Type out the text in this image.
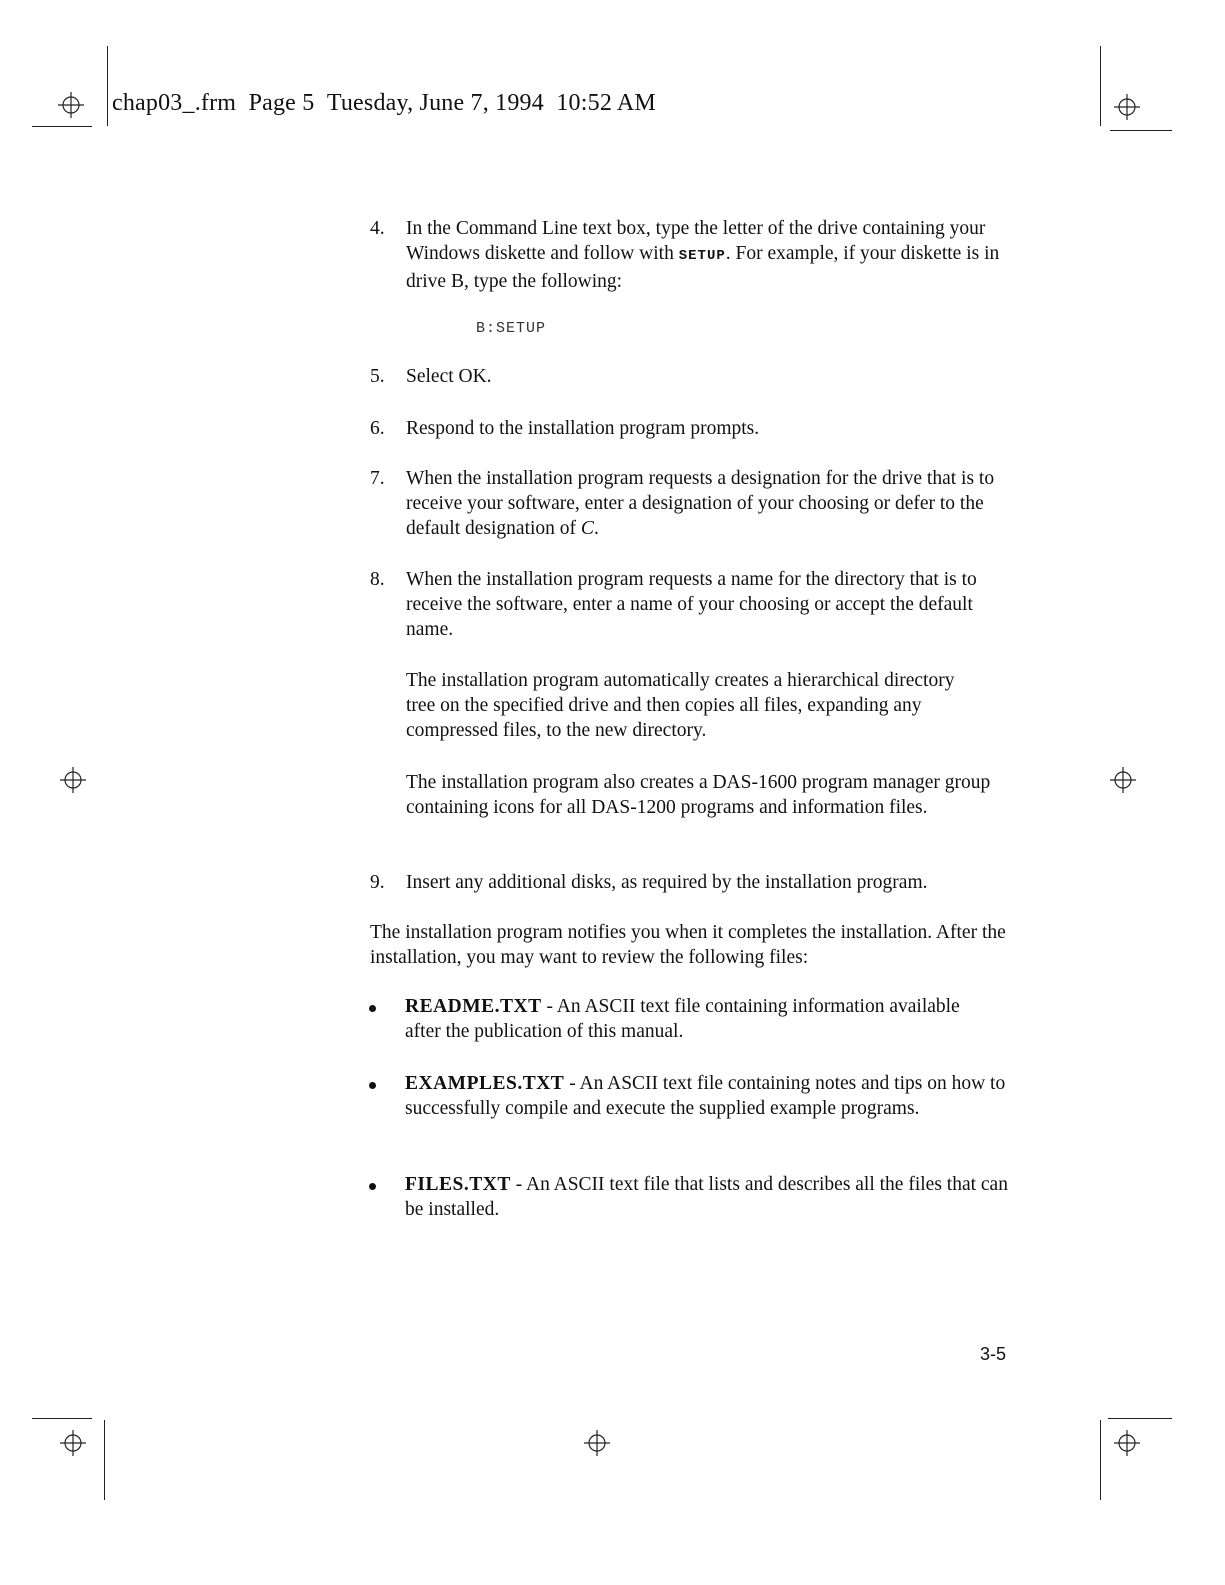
chap03_.frm Page 5 Tuesday, June 7, 1994 10:52 AM
4. In the Command Line text box, type the letter of the drive containing your Windows diskette and follow with SETUP. For example, if your diskette is in drive B, type the following:
B:SETUP
5. Select OK.
6. Respond to the installation program prompts.
7. When the installation program requests a designation for the drive that is to receive your software, enter a designation of your choosing or defer to the default designation of C.
8. When the installation program requests a name for the directory that is to receive the software, enter a name of your choosing or accept the default name.
The installation program automatically creates a hierarchical directory tree on the specified drive and then copies all files, expanding any compressed files, to the new directory.
The installation program also creates a DAS-1600 program manager group containing icons for all DAS-1200 programs and information files.
9. Insert any additional disks, as required by the installation program.
The installation program notifies you when it completes the installation. After the installation, you may want to review the following files:
README.TXT - An ASCII text file containing information available after the publication of this manual.
EXAMPLES.TXT - An ASCII text file containing notes and tips on how to successfully compile and execute the supplied example programs.
FILES.TXT - An ASCII text file that lists and describes all the files that can be installed.
3-5
